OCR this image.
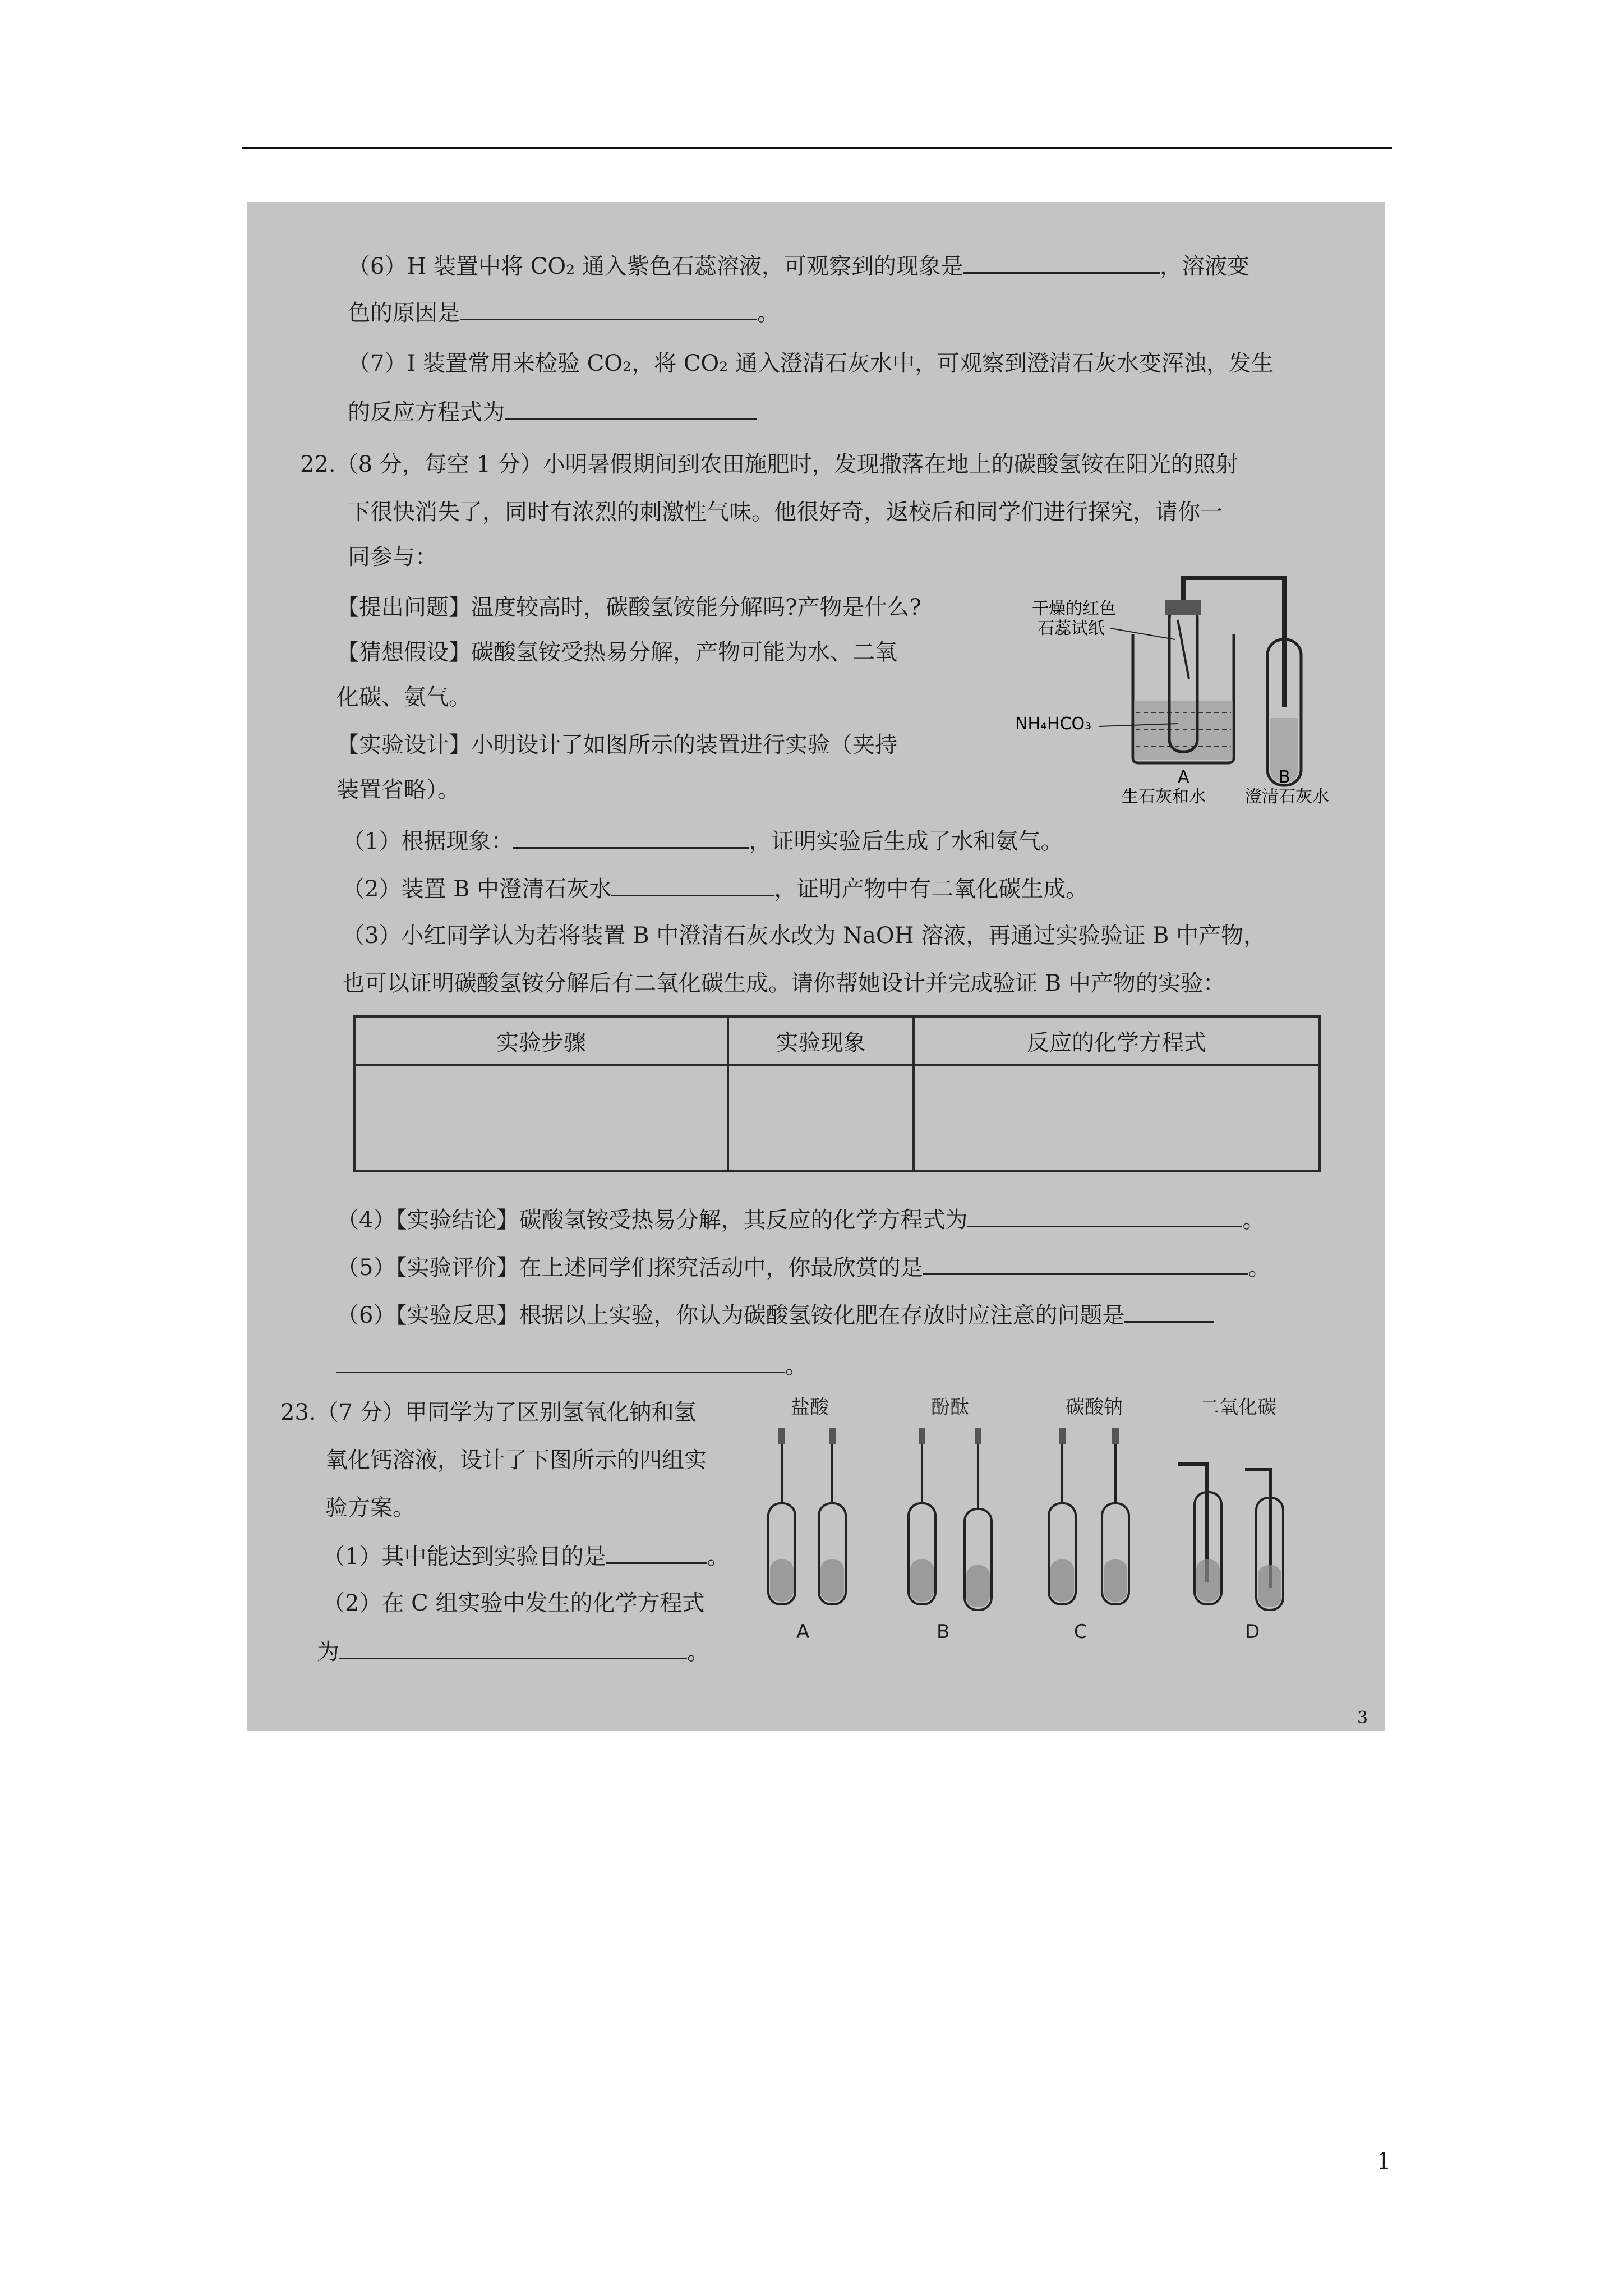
（6）H 装置中将 CO₂ 通入紫色石蕊溶液，可观察到的现象是	，溶液变
色的原因是	。
（7）I 装置常用来检验 CO₂，将 CO₂ 通入澄清石灰水中，可观察到澄清石灰水变浑浊，发生
的反应方程式为
22.（8 分，每空 1 分）小明暑假期间到农田施肥时，发现撒落在地上的碳酸氢铵在阳光的照射
下很快消失了，同时有浓烈的刺激性气味。他很好奇，返校后和同学们进行探究，请你一
同参与：
【提出问题】温度较高时，碳酸氢铵能分解吗?产物是什么?
【猜想假设】碳酸氢铵受热易分解，产物可能为水、二氧
化碳、氨气。
【实验设计】小明设计了如图所示的装置进行实验（夹持
装置省略）。
干燥的红色
石蕊试纸
NH₄HCO₃
A
生石灰和水
B
澄清石灰水
（1）根据现象：	，证明实验后生成了水和氨气。
（2）装置 B 中澄清石灰水	，证明产物中有二氧化碳生成。
（3）小红同学认为若将装置 B 中澄清石灰水改为 NaOH 溶液，再通过实验验证 B 中产物，
也可以证明碳酸氢铵分解后有二氧化碳生成。请你帮她设计并完成验证 B 中产物的实验：
实验步骤	实验现象	反应的化学方程式

（4）【实验结论】碳酸氢铵受热易分解，其反应的化学方程式为	。
（5）【实验评价】在上述同学们探究活动中，你最欣赏的是	。
（6）【实验反思】根据以上实验，你认为碳酸氢铵化肥在存放时应注意的问题是
。
23.（7 分）甲同学为了区别氢氧化钠和氢
氧化钙溶液，设计了下图所示的四组实
验方案。
（1）其中能达到实验目的是	。
（2）在 C 组实验中发生的化学方程式
为	。
盐酸	酚酞	碳酸钠	二氧化碳
A	B	C	D
3
1
